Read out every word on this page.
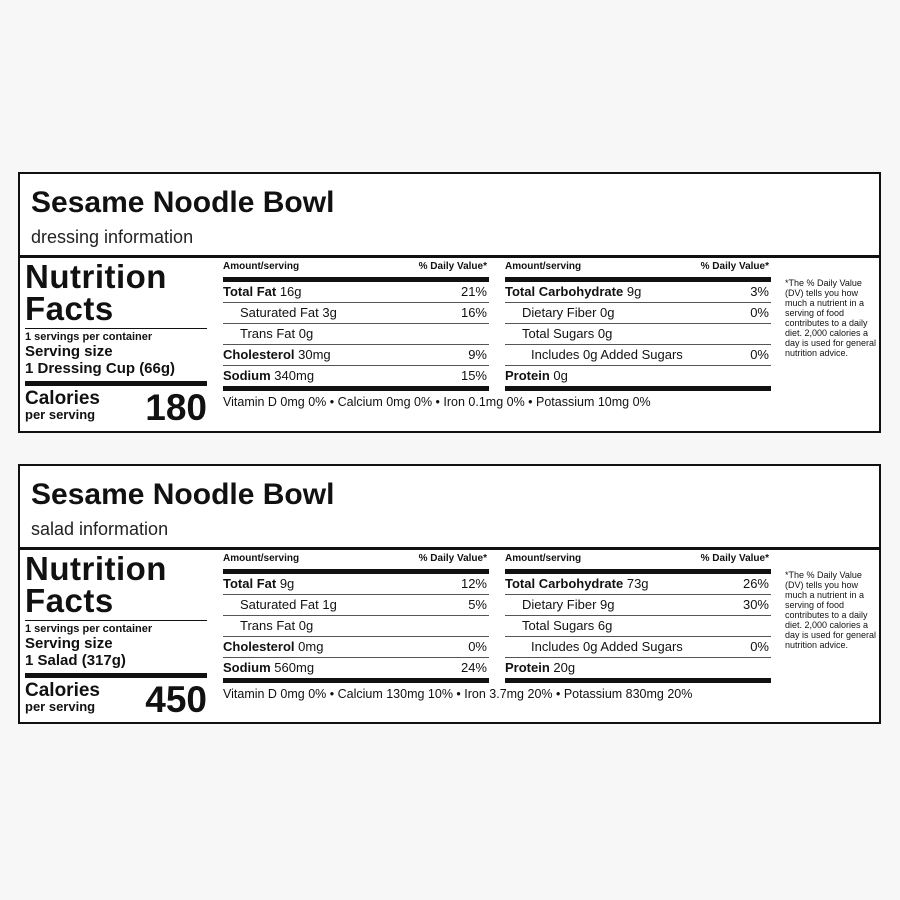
Sesame Noodle Bowl
dressing information
Nutrition
Facts
1 servings per container
Serving size
1 Dressing Cup (66g)
Calories
per serving 180
Amount/serving	% Daily Value*
Total Fat 16g	21%
Saturated Fat 3g	16%
Trans Fat 0g
Cholesterol 30mg	9%
Sodium 340mg	15%
Amount/serving	% Daily Value*
Total Carbohydrate 9g	3%
Dietary Fiber 0g	0%
Total Sugars 0g
Includes 0g Added Sugars	0%
Protein 0g
Vitamin D 0mg 0% • Calcium 0mg 0% • Iron 0.1mg 0% • Potassium 10mg 0%
*The % Daily Value (DV) tells you how much a nutrient in a serving of food contributes to a daily diet. 2,000 calories a day is used for general nutrition advice.
Sesame Noodle Bowl
salad information
Nutrition
Facts
1 servings per container
Serving size
1 Salad (317g)
Calories
per serving 450
Amount/serving	% Daily Value*
Total Fat 9g	12%
Saturated Fat 1g	5%
Trans Fat 0g
Cholesterol 0mg	0%
Sodium 560mg	24%
Amount/serving	% Daily Value*
Total Carbohydrate 73g	26%
Dietary Fiber 9g	30%
Total Sugars 6g
Includes 0g Added Sugars	0%
Protein 20g
Vitamin D 0mg 0% • Calcium 130mg 10% • Iron 3.7mg 20% • Potassium 830mg 20%
*The % Daily Value (DV) tells you how much a nutrient in a serving of food contributes to a daily diet. 2,000 calories a day is used for general nutrition advice.
